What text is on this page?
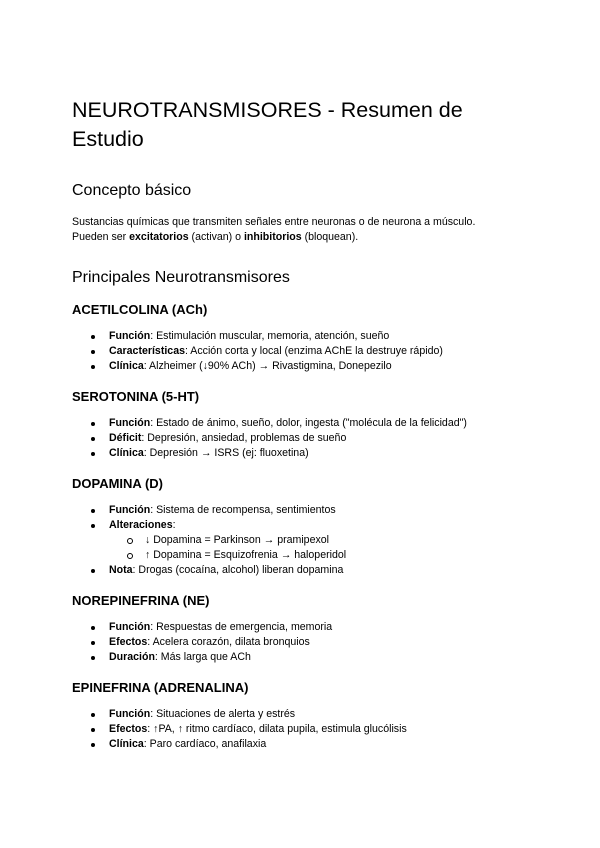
NEUROTRANSMISORES - Resumen de Estudio
Concepto básico

Sustancias químicas que transmiten señales entre neuronas o de neurona a músculo.
Pueden ser excitatorios (activan) o inhibitorios (bloquean).

Principales Neurotransmisores
ACETILCOLINA (ACh)
Función: Estimulación muscular, memoria, atención, sueño
Características: Acción corta y local (enzima AChE la destruye rápido)
Clínica: Alzheimer (↓90% ACh) → Rivastigmina, Donepezilo
SEROTONINA (5-HT)
Función: Estado de ánimo, sueño, dolor, ingesta ("molécula de la felicidad")
Déficit: Depresión, ansiedad, problemas de sueño
Clínica: Depresión → ISRS (ej: fluoxetina)
DOPAMINA (D)
Función: Sistema de recompensa, sentimientos
Alteraciones:
↓ Dopamina = Parkinson → pramipexol
↑ Dopamina = Esquizofrenia → haloperidol
Nota: Drogas (cocaína, alcohol) liberan dopamina
NOREPINEFRINA (NE)
Función: Respuestas de emergencia, memoria
Efectos: Acelera corazón, dilata bronquios
Duración: Más larga que ACh
EPINEFRINA (ADRENALINA)
Función: Situaciones de alerta y estrés
Efectos: ↑PA, ↑ ritmo cardíaco, dilata pupila, estimula glucólisis
Clínica: Paro cardíaco, anafilaxia
